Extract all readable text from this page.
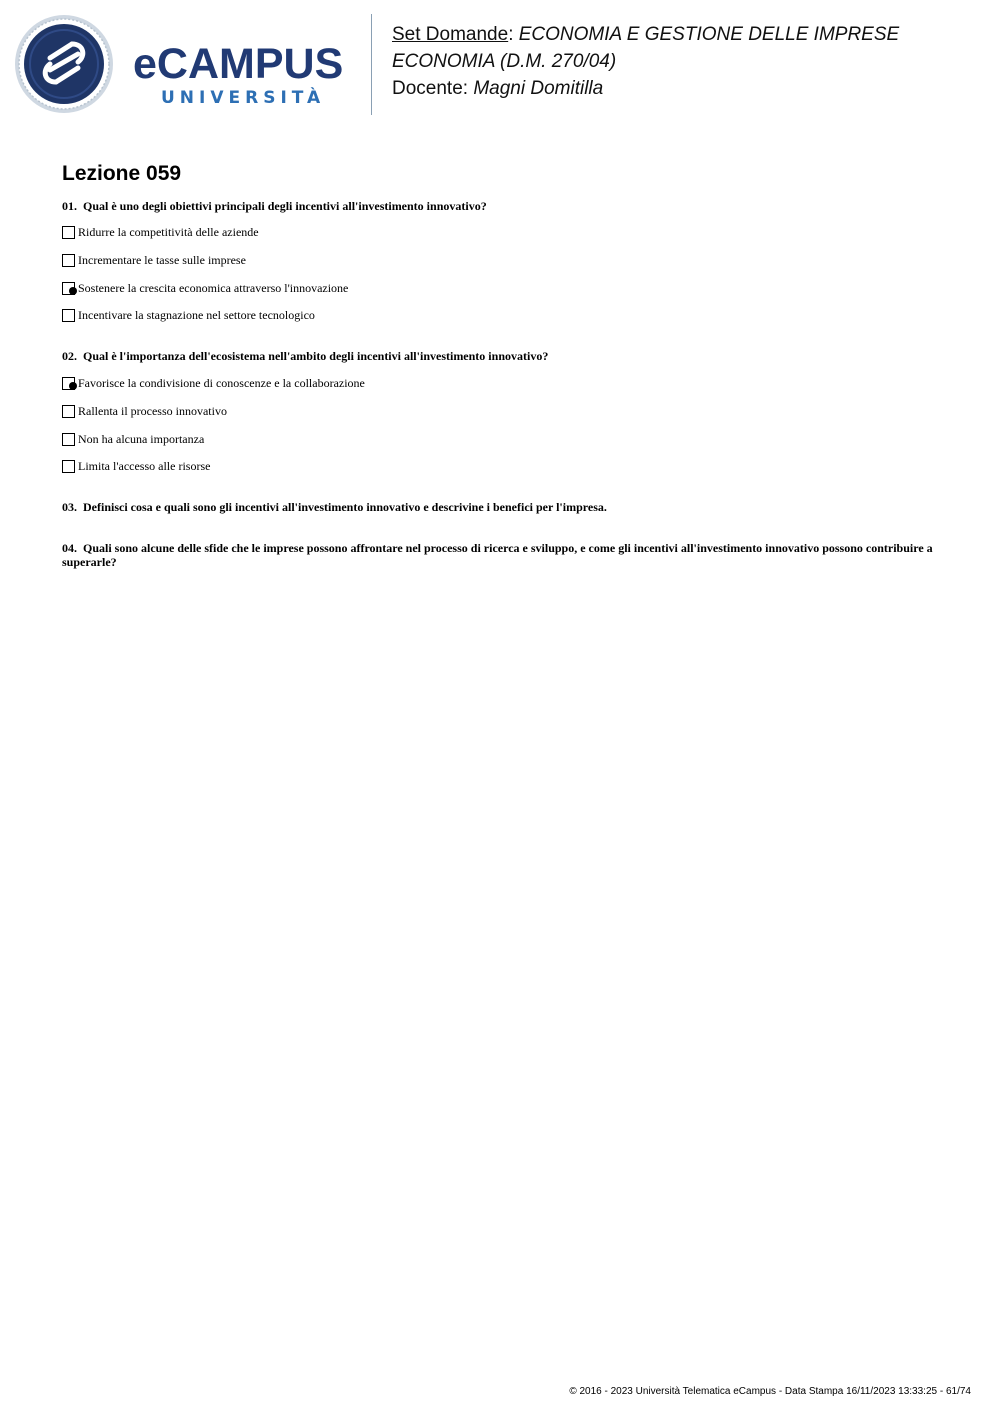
eCAMPUS
UNIVERSITÀ
Set Domande: ECONOMIA E GESTIONE DELLE IMPRESE
ECONOMIA (D.M. 270/04)
Docente: Magni Domitilla
Lezione 059
01. Qual è uno degli obiettivi principali degli incentivi all'investimento innovativo?
Ridurre la competitività delle aziende
Incrementare le tasse sulle imprese
Sostenere la crescita economica attraverso l'innovazione
Incentivare la stagnazione nel settore tecnologico
02. Qual è l'importanza dell'ecosistema nell'ambito degli incentivi all'investimento innovativo?
Favorisce la condivisione di conoscenze e la collaborazione
Rallenta il processo innovativo
Non ha alcuna importanza
Limita l'accesso alle risorse
03. Definisci cosa e quali sono gli incentivi all'investimento innovativo e descrivine i benefici per l'impresa.
04. Quali sono alcune delle sfide che le imprese possono affrontare nel processo di ricerca e sviluppo, e come gli incentivi all'investimento innovativo possono contribuire a superarle?
© 2016 - 2023 Università Telematica eCampus - Data Stampa 16/11/2023 13:33:25 - 61/74
